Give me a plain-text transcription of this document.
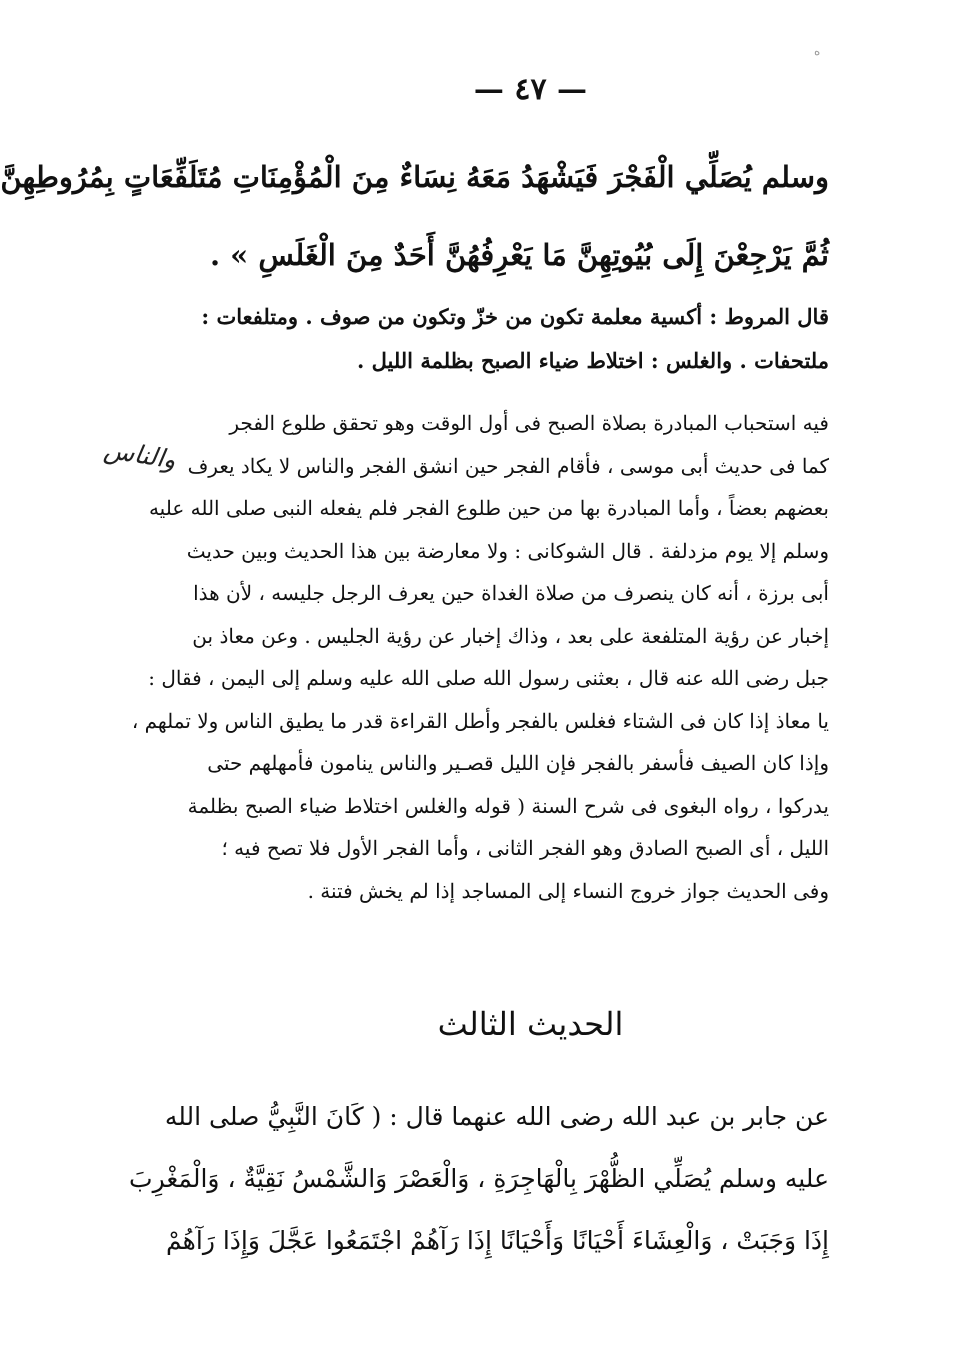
ه
— ٤٧ —
وسلم يُصَلِّي الْفَجْرَ فَيَشْهَدُ مَعَهُ نِسَاءٌ مِنَ الْمُؤْمِنَاتِ مُتَلَفِّعَاتٍ بِمُرُوطِهِنَّ
ثُمَّ يَرْجِعْنَ إِلَى بُيُوتِهِنَّ مَا يَعْرِفُهُنَّ أَحَدٌ مِنَ الْغَلَسِ » .
قال المروط : أكسية معلمة تكون من خزّ وتكون من صوف . ومتلفعات :
ملتحفات . والغلس : اختلاط ضياء الصبح بظلمة الليل .
فيه استحباب المبادرة بصلاة الصبح فى أول الوقت وهو تحقق طلوع الفجر
كما فى حديث أبى موسى ، فأقام الفجر حين انشق الفجر والناس لا يكاد يعرف
بعضهم بعضاً ، وأما المبادرة بها من حين طلوع الفجر فلم يفعله النبى صلى الله عليه
وسلم إلا يوم مزدلفة . قال الشوكانى : ولا معارضة بين هذا الحديث وبين حديث
أبى برزة ، أنه كان ينصرف من صلاة الغداة حين يعرف الرجل جليسه ، لأن هذا
إخبار عن رؤية المتلفعة على بعد ، وذاك إخبار عن رؤية الجليس . وعن معاذ بن
جبل رضى الله عنه قال ، بعثنى رسول الله صلى الله عليه وسلم إلى اليمن ، فقال :
يا معاذ إذا كان فى الشتاء فغلس بالفجر وأطل القراءة قدر ما يطيق الناس ولا تملهم ،
وإذا كان الصيف فأسفر بالفجر فإن الليل قصـير والناس ينامون فأمهلهم حتى
يدركوا ، رواه البغوى فى شرح السنة ( قوله والغلس اختلاط ضياء الصبح بظلمة
الليل ، أى الصبح الصادق وهو الفجر الثانى ، وأما الفجر الأول فلا تصح فيه ؛
وفى الحديث جواز خروج النساء إلى المساجد إذا لم يخش فتنة .
والناس
الحديث الثالث
عن جابر بن عبد الله رضى الله عنهما قال : ( كَانَ النَّبِيُّ صلى الله
عليه وسلم يُصَلِّي الظُّهْرَ بِالْهَاجِرَةِ ، وَالْعَصْرَ وَالشَّمْسُ نَقِيَّةٌ ، وَالْمَغْرِبَ
إِذَا وَجَبَتْ ، وَالْعِشَاءَ أَحْيَانًا وَأَحْيَانًا إِذَا رَآهُمْ اجْتَمَعُوا عَجَّلَ وَإِذَا رَآهُمْ
